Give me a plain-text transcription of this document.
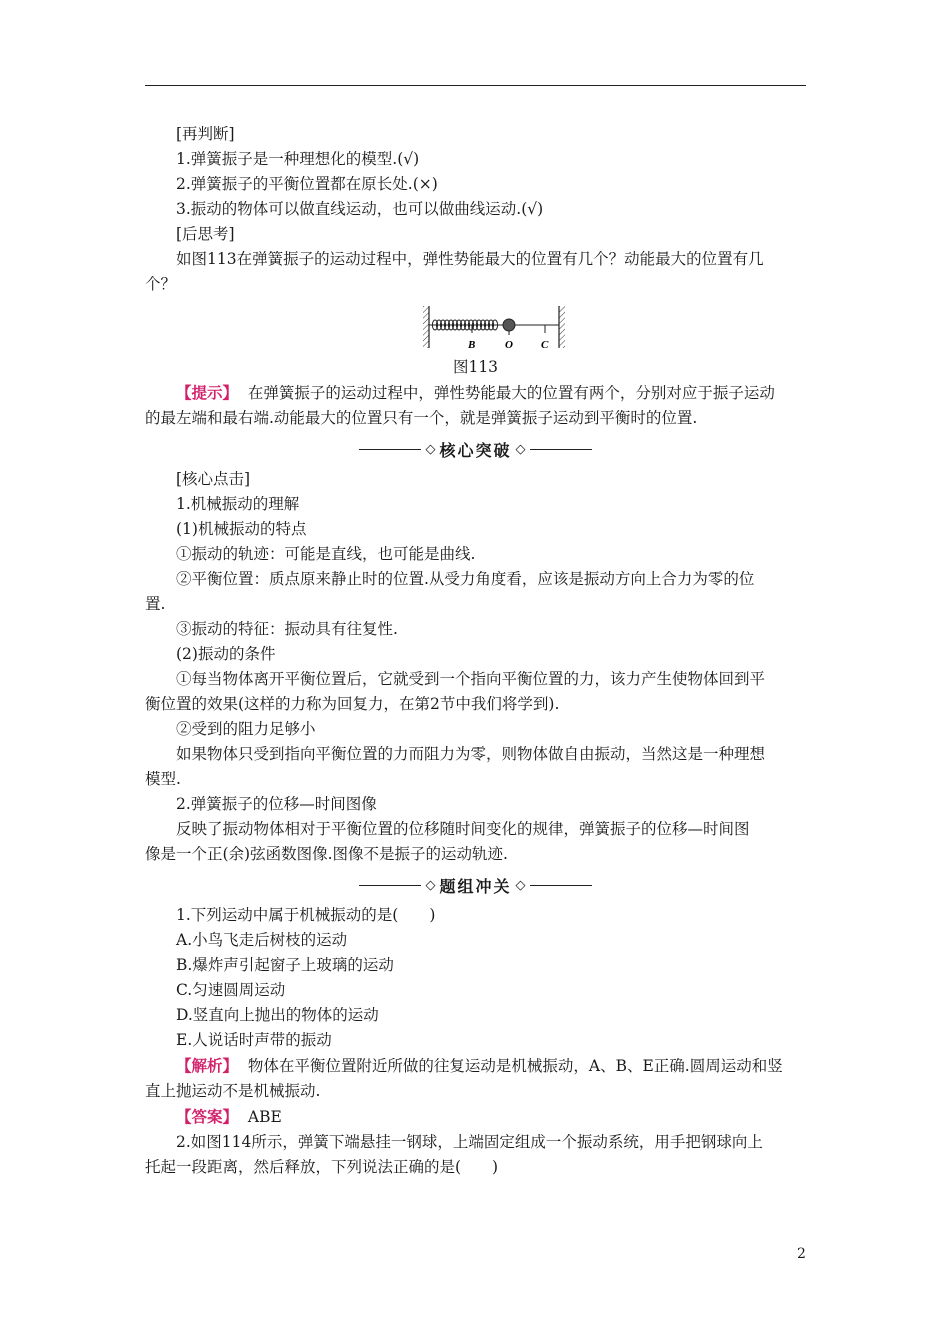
[再判断]

1.弹簧振子是一种理想化的模型.(√)

2.弹簧振子的平衡位置都在原长处.(×)

3.振动的物体可以做直线运动，也可以做曲线运动.(√)

[后思考]

如图113在弹簧振子的运动过程中，弹性势能最大的位置有几个？动能最大的位置有几

个？

B	O	C

图113

【提示】 在弹簧振子的运动过程中，弹性势能最大的位置有两个，分别对应于振子运动

的最左端和最右端.动能最大的位置只有一个，就是弹簧振子运动到平衡时的位置.

◇ 核心突破 ◇

[核心点击]

1.机械振动的理解

(1)机械振动的特点

①振动的轨迹：可能是直线，也可能是曲线.

②平衡位置：质点原来静止时的位置.从受力角度看，应该是振动方向上合力为零的位

置.

③振动的特征：振动具有往复性.

(2)振动的条件

①每当物体离开平衡位置后，它就受到一个指向平衡位置的力，该力产生使物体回到平

衡位置的效果(这样的力称为回复力，在第2节中我们将学到).

②受到的阻力足够小

如果物体只受到指向平衡位置的力而阻力为零，则物体做自由振动，当然这是一种理想

模型.

2.弹簧振子的位移—时间图像

反映了振动物体相对于平衡位置的位移随时间变化的规律，弹簧振子的位移—时间图

像是一个正(余)弦函数图像.图像不是振子的运动轨迹.

◇ 题组冲关 ◇

1.下列运动中属于机械振动的是(　　)

A.小鸟飞走后树枝的运动

B.爆炸声引起窗子上玻璃的运动

C.匀速圆周运动

D.竖直向上抛出的物体的运动

E.人说话时声带的振动

【解析】 物体在平衡位置附近所做的往复运动是机械振动，A、B、E正确.圆周运动和竖

直上抛运动不是机械振动.

【答案】 ABE

2.如图114所示，弹簧下端悬挂一钢球，上端固定组成一个振动系统，用手把钢球向上

托起一段距离，然后释放，下列说法正确的是(　　)

2
